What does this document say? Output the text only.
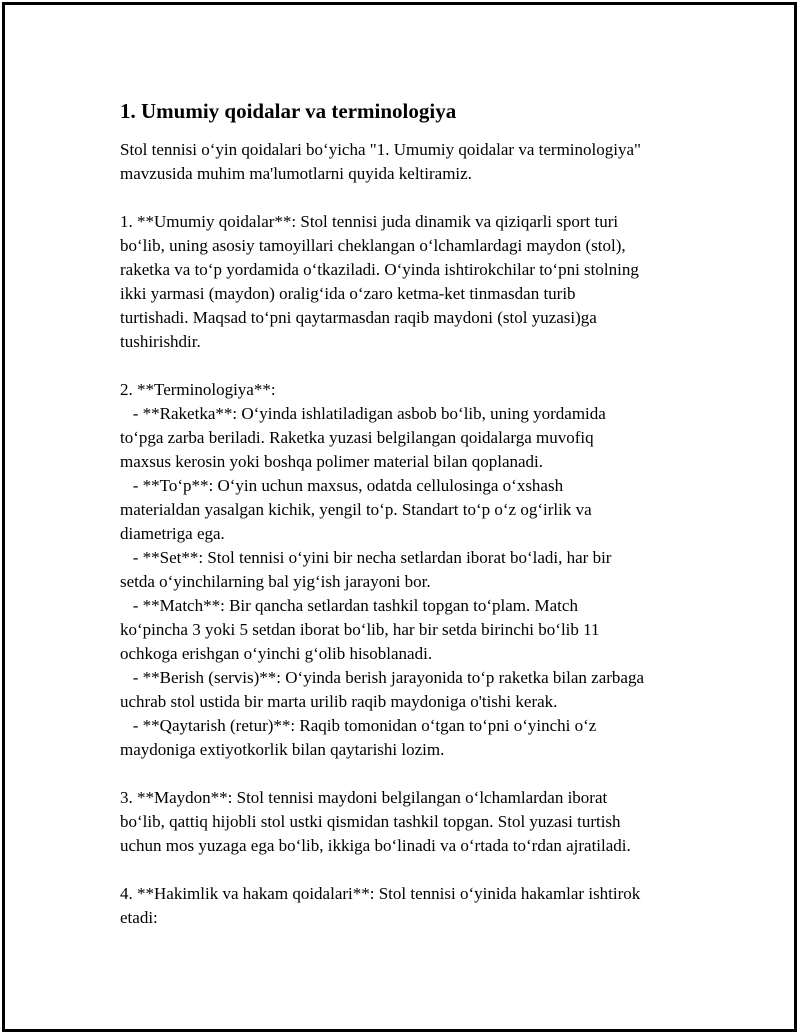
1. Umumiy qoidalar va terminologiya
Stol tennisi o‘yin qoidalari bo‘yicha "1. Umumiy qoidalar va terminologiya"
mavzusida muhim ma'lumotlarni quyida keltiramiz.
1. **Umumiy qoidalar**: Stol tennisi juda dinamik va qiziqarli sport turi
bo‘lib, uning asosiy tamoyillari cheklangan o‘lchamlardagi maydon (stol),
raketka va to‘p yordamida o‘tkaziladi. O‘yinda ishtirokchilar to‘pni stolning
ikki yarmasi (maydon) oralig‘ida o‘zaro ketma-ket tinmasdan turib
turtishadi. Maqsad to‘pni qaytarmasdan raqib maydoni (stol yuzasi)ga
tushirishdir.
2. **Terminologiya**:
- **Raketka**: O‘yinda ishlatiladigan asbob bo‘lib, uning yordamida
to‘pga zarba beriladi. Raketka yuzasi belgilangan qoidalarga muvofiq
maxsus kerosin yoki boshqa polimer material bilan qoplanadi.
- **To‘p**: O‘yin uchun maxsus, odatda cellulosinga o‘xshash
materialdan yasalgan kichik, yengil to‘p. Standart to‘p o‘z og‘irlik va
diametriga ega.
- **Set**: Stol tennisi o‘yini bir necha setlardan iborat bo‘ladi, har bir
setda o‘yinchilarning bal yig‘ish jarayoni bor.
- **Match**: Bir qancha setlardan tashkil topgan to‘plam. Match
ko‘pincha 3 yoki 5 setdan iborat bo‘lib, har bir setda birinchi bo‘lib 11
ochkoga erishgan o‘yinchi g‘olib hisoblanadi.
- **Berish (servis)**: O‘yinda berish jarayonida to‘p raketka bilan zarbaga
uchrab stol ustida bir marta urilib raqib maydoniga o'tishi kerak.
- **Qaytarish (retur)**: Raqib tomonidan o‘tgan to‘pni o‘yinchi o‘z
maydoniga extiyotkorlik bilan qaytarishi lozim.
3. **Maydon**: Stol tennisi maydoni belgilangan o‘lchamlardan iborat
bo‘lib, qattiq hijobli stol ustki qismidan tashkil topgan. Stol yuzasi turtish
uchun mos yuzaga ega bo‘lib, ikkiga bo‘linadi va o‘rtada to‘rdan ajratiladi.
4. **Hakimlik va hakam qoidalari**: Stol tennisi o‘yinida hakamlar ishtirok
etadi:
